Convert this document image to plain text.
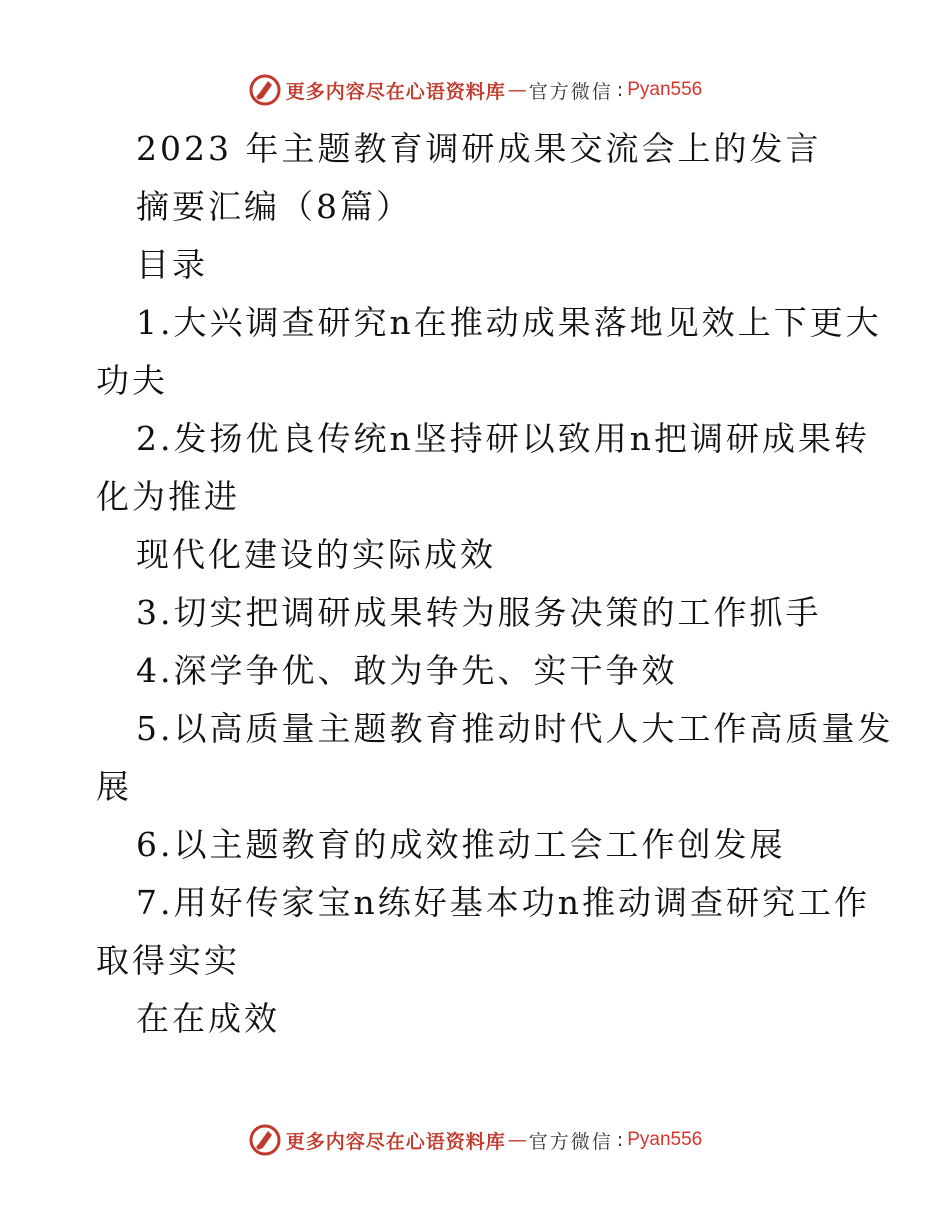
更多内容尽在心语资料库 — 官方微信 : Pyan556
2023 年主题教育调研成果交流会上的发言
摘要汇编（8篇）
目录
1.大兴调查研究n在推动成果落地见效上下更大
功夫
2.发扬优良传统n坚持研以致用n把调研成果转
化为推进
现代化建设的实际成效
3.切实把调研成果转为服务决策的工作抓手
4.深学争优、敢为争先、实干争效
5.以高质量主题教育推动时代人大工作高质量发
展
6.以主题教育的成效推动工会工作创发展
7.用好传家宝n练好基本功n推动调查研究工作
取得实实
在在成效
更多内容尽在心语资料库 — 官方微信 : Pyan556
